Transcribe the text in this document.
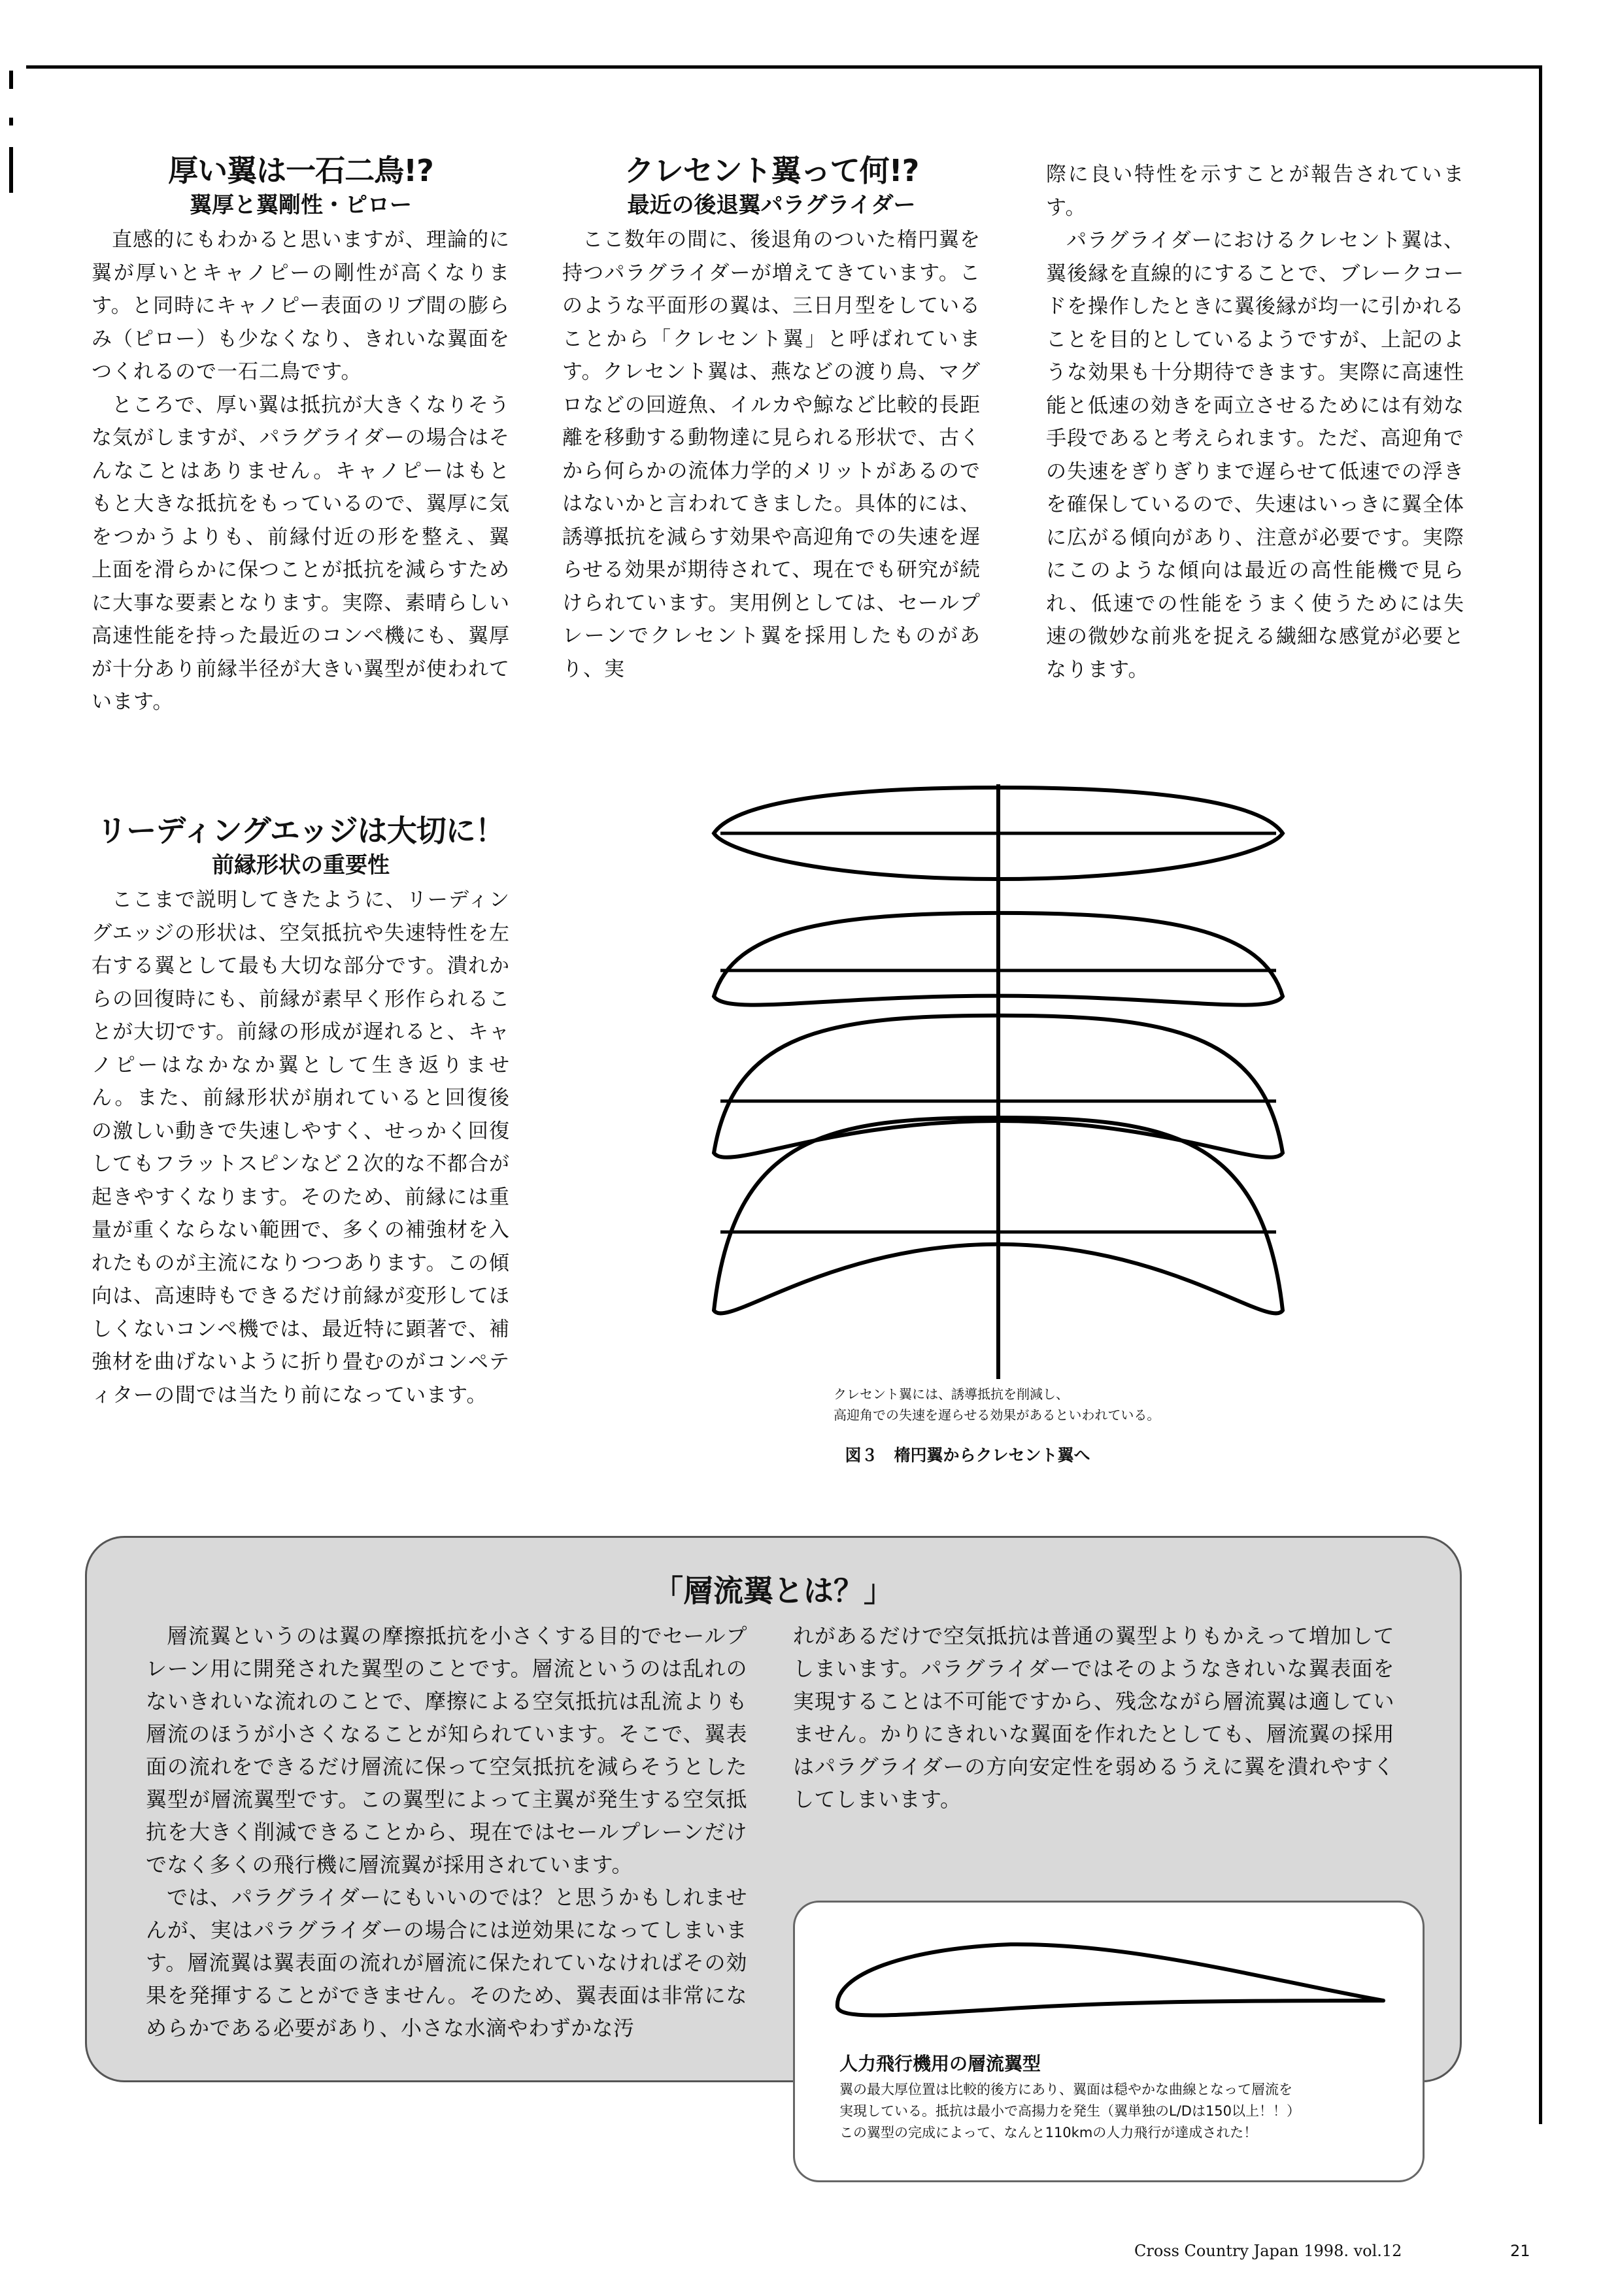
厚い翼は一石二鳥!?
翼厚と翼剛性・ピロー

直感的にもわかると思いますが、理論的に翼が厚いとキャノピーの剛性が高くなります。と同時にキャノピー表面のリブ間の膨らみ（ピロー）も少なくなり、きれいな翼面をつくれるので一石二鳥です。

ところで、厚い翼は抵抗が大きくなりそうな気がしますが、パラグライダーの場合はそんなことはありません。キャノピーはもともと大きな抵抗をもっているので、翼厚に気をつかうよりも、前縁付近の形を整え、翼上面を滑らかに保つことが抵抗を減らすために大事な要素となります。実際、素晴らしい高速性能を持った最近のコンペ機にも、翼厚が十分あり前縁半径が大きい翼型が使われています。

リーディングエッジは大切に！
前縁形状の重要性

ここまで説明してきたように、リーディングエッジの形状は、空気抵抗や失速特性を左右する翼として最も大切な部分です。潰れからの回復時にも、前縁が素早く形作られることが大切です。前縁の形成が遅れると、キャノピーはなかなか翼として生き返りません。また、前縁形状が崩れていると回復後の激しい動きで失速しやすく、せっかく回復してもフラットスピンなど２次的な不都合が起きやすくなります。そのため、前縁には重量が重くならない範囲で、多くの補強材を入れたものが主流になりつつあります。この傾向は、高速時もできるだけ前縁が変形してほしくないコンペ機では、最近特に顕著で、補強材を曲げないように折り畳むのがコンペティターの間では当たり前になっています。

クレセント翼って何!?
最近の後退翼パラグライダー

ここ数年の間に、後退角のついた楕円翼を持つパラグライダーが増えてきています。このような平面形の翼は、三日月型をしていることから「クレセント翼」と呼ばれています。クレセント翼は、燕などの渡り鳥、マグロなどの回遊魚、イルカや鯨など比較的長距離を移動する動物達に見られる形状で、古くから何らかの流体力学的メリットがあるのではないかと言われてきました。具体的には、誘導抵抗を減らす効果や高迎角での失速を遅らせる効果が期待されて、現在でも研究が続けられています。実用例としては、セールプレーンでクレセント翼を採用したものがあり、実

際に良い特性を示すことが報告されています。

パラグライダーにおけるクレセント翼は、翼後縁を直線的にすることで、ブレークコードを操作したときに翼後縁が均一に引かれることを目的としているようですが、上記のような効果も十分期待できます。実際に高速性能と低速の効きを両立させるためには有効な手段であると考えられます。ただ、高迎角での失速をぎりぎりまで遅らせて低速での浮きを確保しているので、失速はいっきに翼全体に広がる傾向があり、注意が必要です。実際にこのような傾向は最近の高性能機で見られ、低速での性能をうまく使うためには失速の微妙な前兆を捉える繊細な感覚が必要となります。

クレセント翼には、誘導抵抗を削減し、
高迎角での失速を遅らせる効果があるといわれている。
図３　楕円翼からクレセント翼へ
「層流翼とは？」

層流翼というのは翼の摩擦抵抗を小さくする目的でセールプレーン用に開発された翼型のことです。層流というのは乱れのないきれいな流れのことで、摩擦による空気抵抗は乱流よりも層流のほうが小さくなることが知られています。そこで、翼表面の流れをできるだけ層流に保って空気抵抗を減らそうとした翼型が層流翼型です。この翼型によって主翼が発生する空気抵抗を大きく削減できることから、現在ではセールプレーンだけでなく多くの飛行機に層流翼が採用されています。

では、パラグライダーにもいいのでは？と思うかもしれませんが、実はパラグライダーの場合には逆効果になってしまいます。層流翼は翼表面の流れが層流に保たれていなければその効果を発揮することができません。そのため、翼表面は非常になめらかである必要があり、小さな水滴やわずかな汚

れがあるだけで空気抵抗は普通の翼型よりもかえって増加してしまいます。パラグライダーではそのようなきれいな翼表面を実現することは不可能ですから、残念ながら層流翼は適していません。かりにきれいな翼面を作れたとしても、層流翼の採用はパラグライダーの方向安定性を弱めるうえに翼を潰れやすくしてしまいます。

人力飛行機用の層流翼型
翼の最大厚位置は比較的後方にあり、翼面は穏やかな曲線となって層流を
実現している。抵抗は最小で高揚力を発生（翼単独のL/Dは150以上！！）
この翼型の完成によって、なんと110kmの人力飛行が達成された！
Cross Country Japan 1998. vol.12	21
